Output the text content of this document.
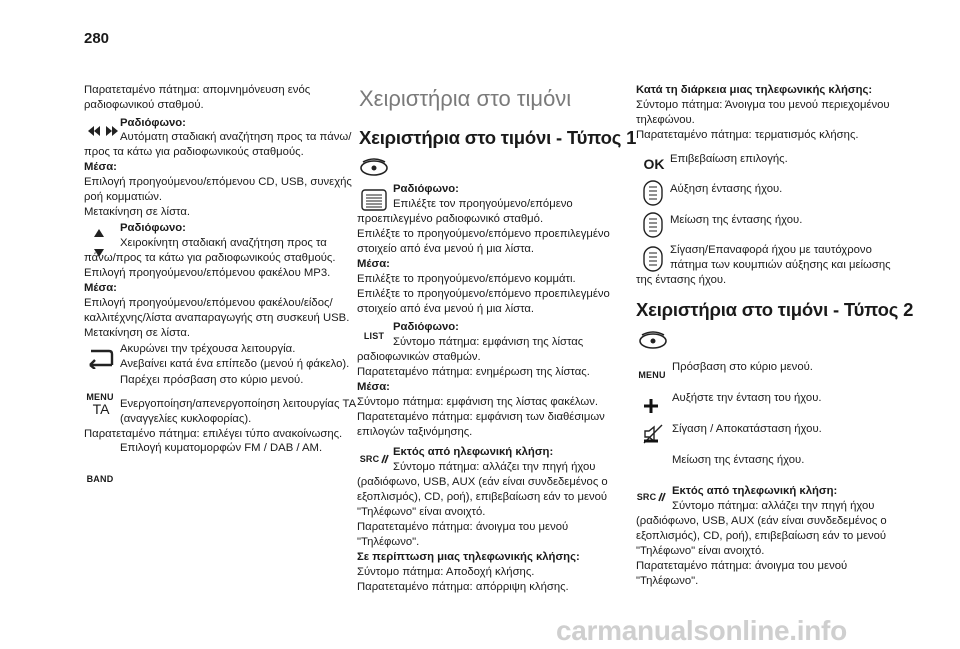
280
Παρατεταμένο πάτημα: απομνημόνευση ενός
ραδιοφωνικού σταθμού.
Ραδιόφωνο:
Αυτόματη σταδιακή αναζήτηση προς τα πάνω/
προς τα κάτω για ραδιοφωνικούς σταθμούς.
Μέσα:
Επιλογή προηγούμενου/επόμενου CD, USB, συνεχής
ροή κομματιών.
Μετακίνηση σε λίστα.
Ραδιόφωνο:
Χειροκίνητη σταδιακή αναζήτηση προς τα
πάνω/προς τα κάτω για ραδιοφωνικούς σταθμούς.
Επιλογή προηγούμενου/επόμενου φακέλου MP3.
Μέσα:
Επιλογή προηγούμενου/επόμενου φακέλου/είδος/
καλλιτέχνης/λίστα αναπαραγωγής στη συσκευή USB.
Μετακίνηση σε λίστα.
Ακυρώνει την τρέχουσα λειτουργία.
Ανεβαίνει κατά ένα επίπεδο (μενού ή φάκελο).
MENU
Παρέχει πρόσβαση στο κύριο μενού.
TA Ενεργοποίηση/απενεργοποίηση λειτουργίας TA
(αναγγελίες κυκλοφορίας).
Παρατεταμένο πάτημα: επιλέγει τύπο ανακοίνωσης.
BAND
Επιλογή κυματομορφών FM / DAB / AM.
Χειριστήρια στο τιμόνι
Χειριστήρια στο τιμόνι - Τύπος 1
Ραδιόφωνο:
Επιλέξτε τον προηγούμενο/επόμενο
προεπιλεγμένο ραδιοφωνικό σταθμό.
Επιλέξτε το προηγούμενο/επόμενο προεπιλεγμένο
στοιχείο από ένα μενού ή μια λίστα.
Μέσα:
Επιλέξτε το προηγούμενο/επόμενο κομμάτι.
Επιλέξτε το προηγούμενο/επόμενο προεπιλεγμένο
στοιχείο από ένα μενού ή μια λίστα.
LIST
Ραδιόφωνο:
Σύντομο πάτημα: εμφάνιση της λίστας
ραδιοφωνικών σταθμών.
Παρατεταμένο πάτημα: ενημέρωση της λίστας.
Μέσα:
Σύντομο πάτημα: εμφάνιση της λίστας φακέλων.
Παρατεταμένο πάτημα: εμφάνιση των διαθέσιμων
επιλογών ταξινόμησης.
SRC
Εκτός από ηλεφωνική κλήση:
Σύντομο πάτημα: αλλάζει την πηγή ήχου
(ραδιόφωνο, USB, AUX (εάν είναι συνδεδεμένος ο
εξοπλισμός), CD, ροή), επιβεβαίωση εάν το μενού
"Τηλέφωνο" είναι ανοιχτό.
Παρατεταμένο πάτημα: άνοιγμα του μενού
"Τηλέφωνο".
Σε περίπτωση μιας τηλεφωνικής κλήσης:
Σύντομο πάτημα: Αποδοχή κλήσης.
Παρατεταμένο πάτημα: απόρριψη κλήσης.
Κατά τη διάρκεια μιας τηλεφωνικής κλήσης:
Σύντομο πάτημα: Άνοιγμα του μενού περιεχομένου
τηλεφώνου.
Παρατεταμένο πάτημα: τερματισμός κλήσης.
OK Επιβεβαίωση επιλογής.
Αύξηση έντασης ήχου.
Μείωση της έντασης ήχου.
Σίγαση/Επαναφορά ήχου με ταυτόχρονο
πάτημα των κουμπιών αύξησης και μείωσης
της έντασης ήχου.
Χειριστήρια στο τιμόνι - Τύπος 2
MENU
Πρόσβαση στο κύριο μενού.
Αυξήστε την ένταση του ήχου.
Σίγαση / Αποκατάσταση ήχου.
Μείωση της έντασης ήχου.
SRC Εκτός από τηλεφωνική κλήση:
Σύντομο πάτημα: αλλάζει την πηγή ήχου
(ραδιόφωνο, USB, AUX (εάν είναι συνδεδεμένος ο
εξοπλισμός), CD, ροή), επιβεβαίωση εάν το μενού
"Τηλέφωνο" είναι ανοιχτό.
Παρατεταμένο πάτημα: άνοιγμα του μενού
"Τηλέφωνο".
carmanualsonline.info
